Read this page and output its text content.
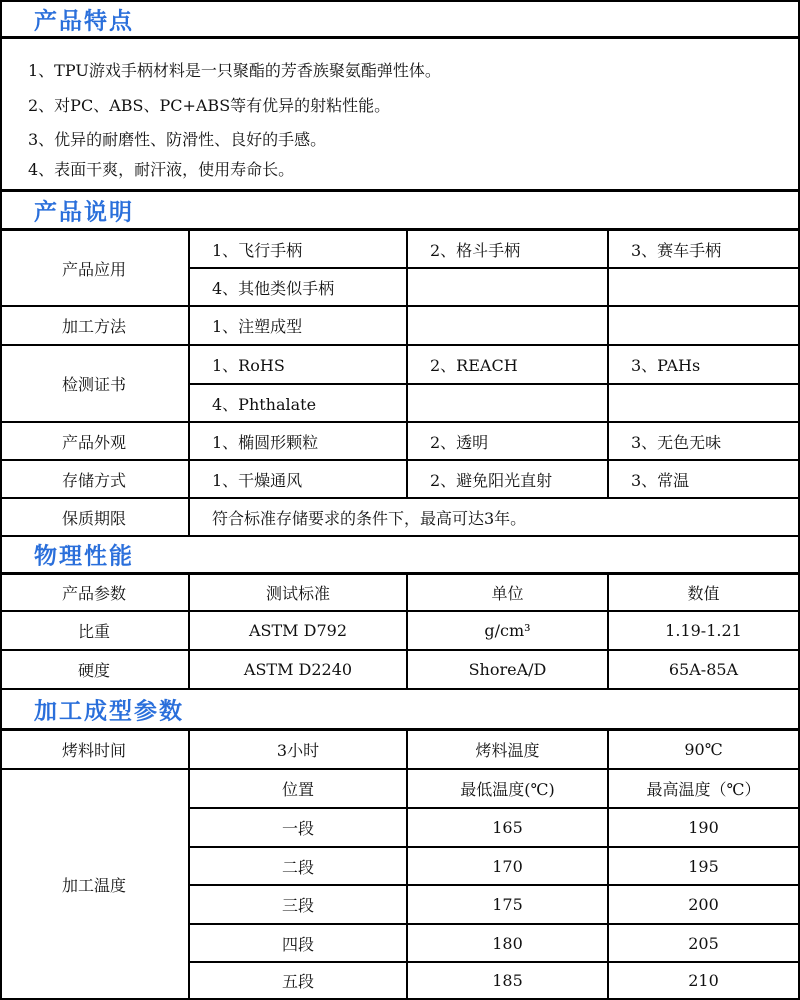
产品特点
1、TPU游戏手柄材料是一只聚酯的芳香族聚氨酯弹性体。
2、对PC、ABS、PC+ABS等有优异的射粘性能。
3、优异的耐磨性、防滑性、良好的手感。
4、表面干爽，耐汗液，使用寿命长。
产品说明
产品应用
1、飞行手柄	2、格斗手柄	3、赛车手柄
4、其他类似手柄
加工方法	1、注塑成型
检测证书
1、RoHS	2、REACH	3、PAHs
4、Phthalate
产品外观	1、椭圆形颗粒	2、透明	3、无色无味
存储方式	1、干燥通风	2、避免阳光直射	3、常温
保质期限	符合标准存储要求的条件下，最高可达3年。
物理性能
产品参数	测试标准	单位	数值
比重	ASTM D792	g/cm³	1.19-1.21
硬度	ASTM D2240	ShoreA/D	65A-85A
加工成型参数
烤料时间	3小时	烤料温度	90℃
加工温度
位置	最低温度(℃)	最高温度（℃）
一段	165	190
二段	170	195
三段	175	200
四段	180	205
五段	185	210
